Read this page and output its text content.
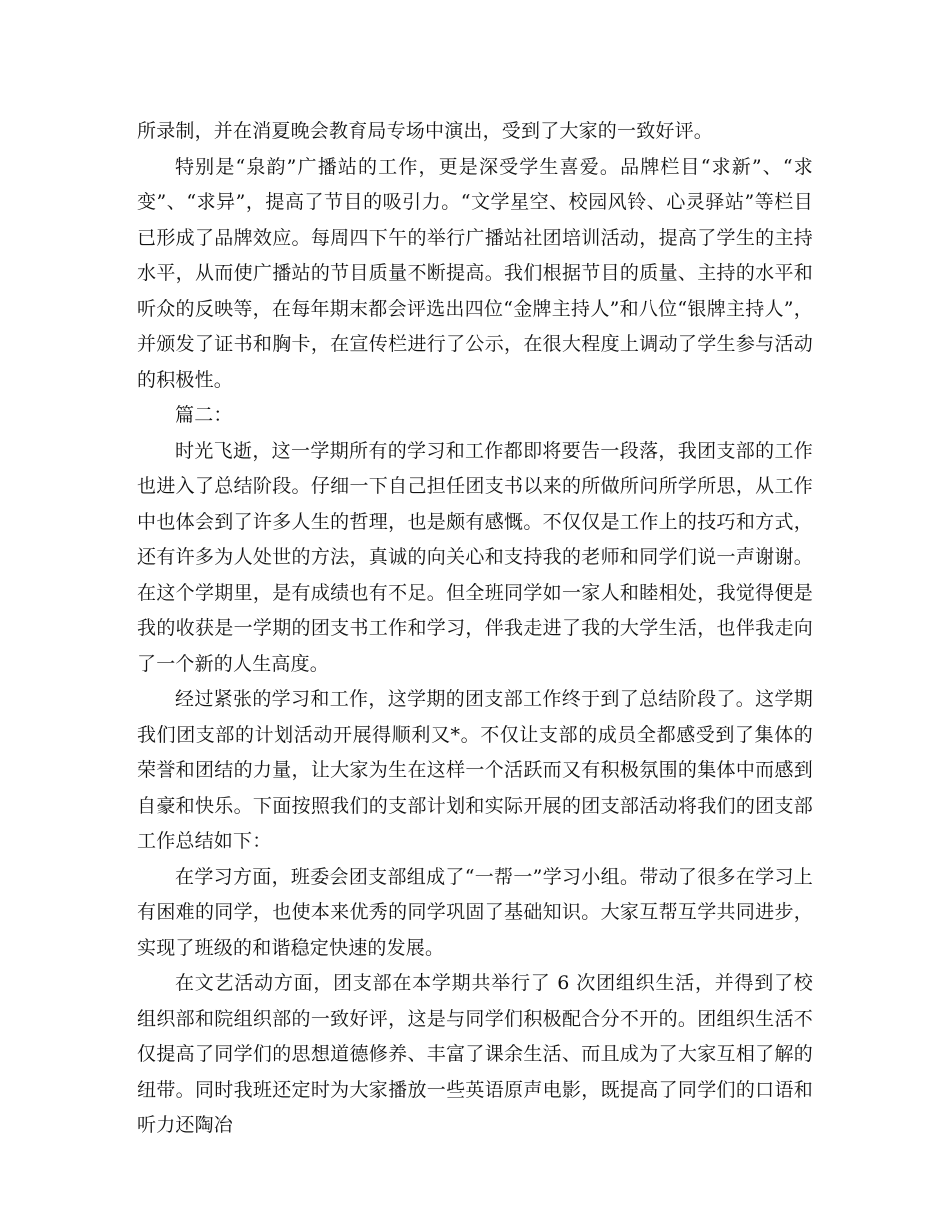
所录制，并在消夏晚会教育局专场中演出，受到了大家的一致好评。

特别是“泉韵”广播站的工作，更是深受学生喜爱。品牌栏目“求新”、“求变”、“求异”，提高了节目的吸引力。“文学星空、校园风铃、心灵驿站”等栏目已形成了品牌效应。每周四下午的举行广播站社团培训活动，提高了学生的主持水平，从而使广播站的节目质量不断提高。我们根据节目的质量、主持的水平和听众的反映等，在每年期末都会评选出四位“金牌主持人”和八位“银牌主持人”，并颁发了证书和胸卡，在宣传栏进行了公示，在很大程度上调动了学生参与活动的积极性。

篇二：

时光飞逝，这一学期所有的学习和工作都即将要告一段落，我团支部的工作也进入了总结阶段。仔细一下自己担任团支书以来的所做所问所学所思，从工作中也体会到了许多人生的哲理，也是颇有感慨。不仅仅是工作上的技巧和方式，还有许多为人处世的方法，真诚的向关心和支持我的老师和同学们说一声谢谢。在这个学期里，是有成绩也有不足。但全班同学如一家人和睦相处，我觉得便是我的收获是一学期的团支书工作和学习，伴我走进了我的大学生活，也伴我走向了一个新的人生高度。

经过紧张的学习和工作，这学期的团支部工作终于到了总结阶段了。这学期我们团支部的计划活动开展得顺利又*。不仅让支部的成员全都感受到了集体的荣誉和团结的力量，让大家为生在这样一个活跃而又有积极氛围的集体中而感到自豪和快乐。下面按照我们的支部计划和实际开展的团支部活动将我们的团支部工作总结如下：

在学习方面，班委会团支部组成了“一帮一”学习小组。带动了很多在学习上有困难的同学，也使本来优秀的同学巩固了基础知识。大家互帮互学共同进步，实现了班级的和谐稳定快速的发展。

在文艺活动方面，团支部在本学期共举行了 6 次团组织生活，并得到了校组织部和院组织部的一致好评，这是与同学们积极配合分不开的。团组织生活不仅提高了同学们的思想道德修养、丰富了课余生活、而且成为了大家互相了解的纽带。同时我班还定时为大家播放一些英语原声电影，既提高了同学们的口语和听力还陶冶
